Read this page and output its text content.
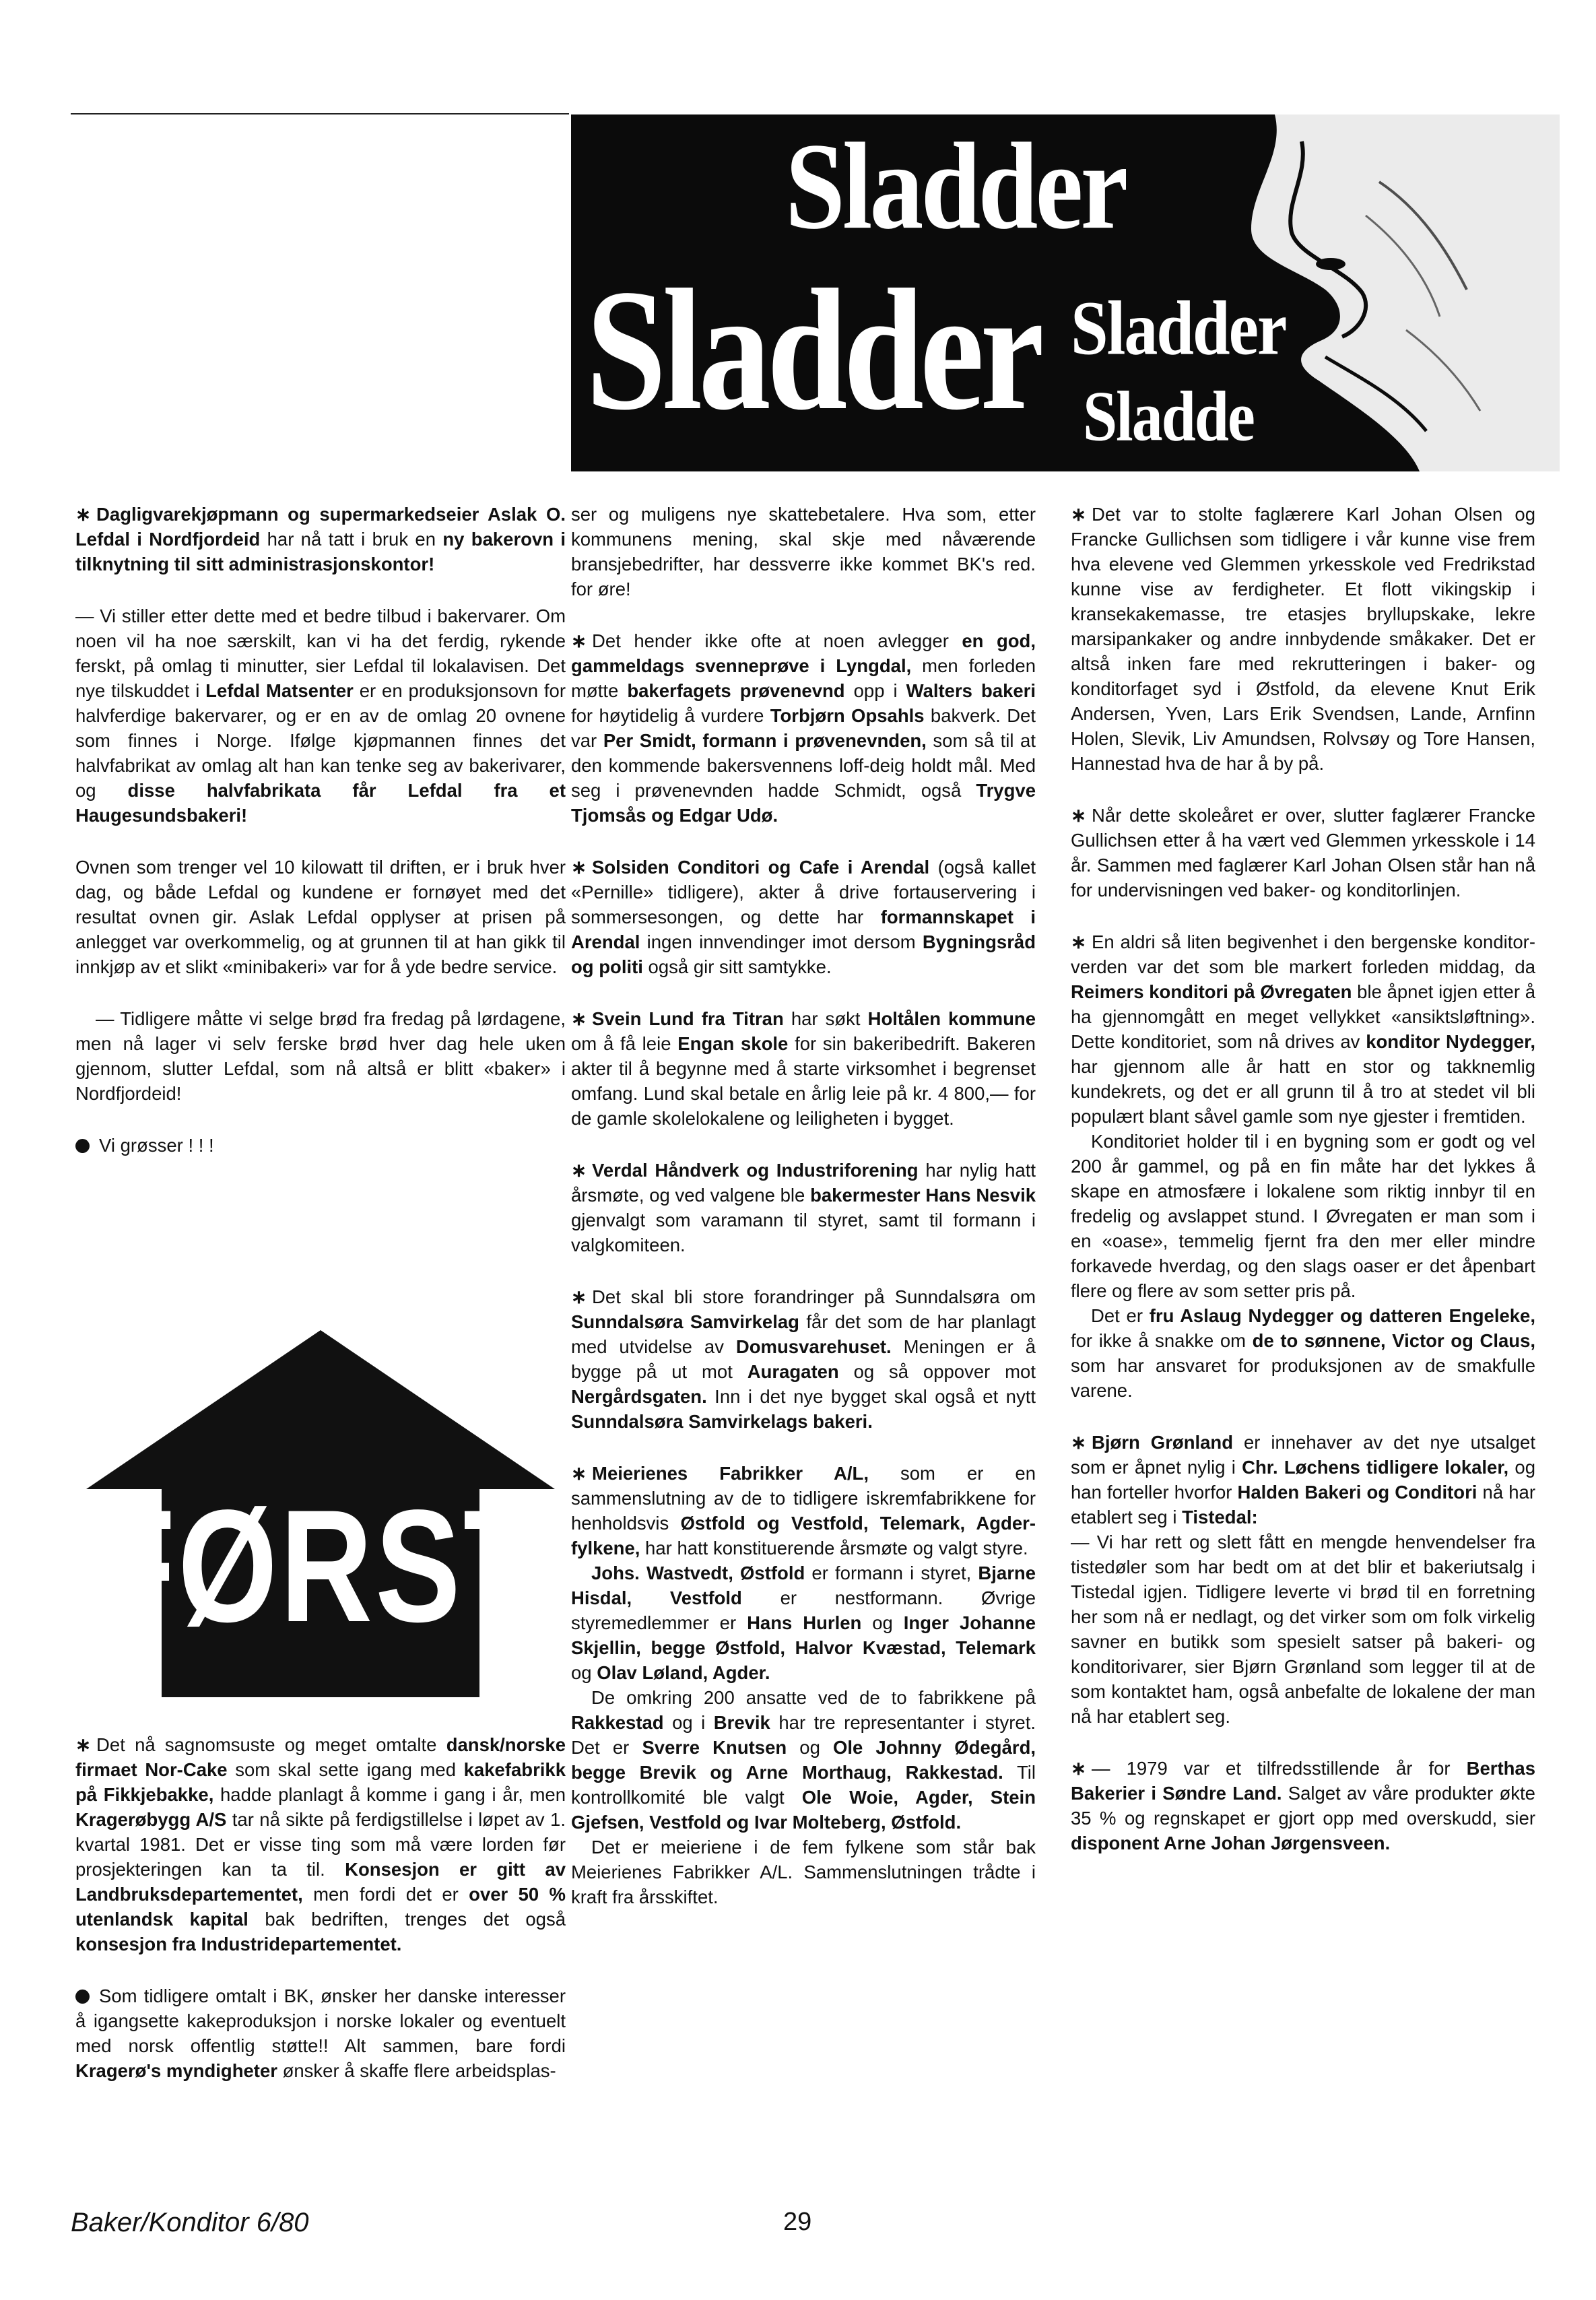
Sladder
Sladder Sladder
Sladde

∗ Dagligvarekjøpmann og supermarkedseier Aslak O. Lefdal i Nordfjordeid har nå tatt i bruk en ny bakerovn i tilknytning til sitt administrasjonskontor!

— Vi stiller etter dette med et bedre tilbud i bakervarer. Om noen vil ha noe særskilt, kan vi ha det ferdig, rykende ferskt, på omlag ti minutter, sier Lefdal til lokalavisen. Det nye tilskuddet i Lefdal Matsenter er en produksjonsovn for halvferdige bakervarer, og er en av de omlag 20 ovnene som finnes i Norge. Ifølge kjøpmannen finnes det halvfabrikat av omlag alt han kan tenke seg av bakerivarer, og disse halvfabrikata får Lefdal fra et Haugesundsbakeri!

Ovnen som trenger vel 10 kilowatt til driften, er i bruk hver dag, og både Lefdal og kundene er fornøyet med det resultat ovnen gir. Aslak Lefdal opplyser at prisen på anlegget var overkommelig, og at grunnen til at han gikk til innkjøp av et slikt «minibakeri» var for å yde bedre service.

— Tidligere måtte vi selge brød fra fredag på lørdagene, men nå lager vi selv ferske brød hver dag hele uken gjennom, slutter Lefdal, som nå altså er blitt «baker» i Nordfjordeid!

Vi grøsser ! ! !

FØRST

∗ Det nå sagnomsuste og meget omtalte dansk/norske firmaet Nor-Cake som skal sette igang med kakefabrikk på Fikkjebakke, hadde planlagt å komme i gang i år, men Kragerøbygg A/S tar nå sikte på ferdigstillelse i løpet av 1. kvartal 1981. Det er visse ting som må være lorden før prosjekteringen kan ta til. Konsesjon er gitt av Landbruksdepartementet, men fordi det er over 50 % utenlandsk kapital bak bedriften, trenges det også konsesjon fra Industridepartementet.

Som tidligere omtalt i BK, ønsker her danske interesser å igangsette kakeproduksjon i norske lokaler og eventuelt med norsk offentlig støtte!! Alt sammen, bare fordi Kragerø's myndigheter ønsker å skaffe flere arbeidsplas-

ser og muligens nye skattebetalere. Hva som, etter kommunens mening, skal skje med nåværende bransjebedrifter, har dessverre ikke kommet BK's red. for øre!

∗ Det hender ikke ofte at noen avlegger en god, gammeldags svenneprøve i Lyngdal, men forleden møtte bakerfagets prøvenevnd opp i Walters bakeri for høytidelig å vurdere Torbjørn Opsahls bakverk. Det var Per Smidt, formann i prøvenevnden, som så til at den kommende bakersvennens loff-deig holdt mål. Med seg i prøvenevnden hadde Schmidt, også Trygve Tjomsås og Edgar Udø.

∗ Solsiden Conditori og Cafe i Arendal (også kallet «Pernille» tidligere), akter å drive fortauservering i sommersesongen, og dette har formannskapet i Arendal ingen innvendinger imot dersom Bygningsråd og politi også gir sitt samtykke.

∗ Svein Lund fra Titran har søkt Holtålen kommune om å få leie Engan skole for sin bakeribedrift. Bakeren akter til å begynne med å starte virksomhet i begrenset omfang. Lund skal betale en årlig leie på kr. 4 800,— for de gamle skolelokalene og leiligheten i bygget.

∗ Verdal Håndverk og Industriforening har nylig hatt årsmøte, og ved valgene ble bakermester Hans Nesvik gjenvalgt som varamann til styret, samt til formann i valgkomiteen.

∗ Det skal bli store forandringer på Sunndalsøra om Sunndalsøra Samvirkelag får det som de har planlagt med utvidelse av Domusvarehuset. Meningen er å bygge på ut mot Auragaten og så oppover mot Nergårdsgaten. Inn i det nye bygget skal også et nytt Sunndalsøra Samvirkelags bakeri.

∗ Meierienes Fabrikker A/L, som er en sammenslutning av de to tidligere iskremfabrikkene for henholdsvis Østfold og Vestfold, Telemark, Agder-fylkene, har hatt konstituerende årsmøte og valgt styre.

Johs. Wastvedt, Østfold er formann i styret, Bjarne Hisdal, Vestfold er nestformann. Øvrige styremedlemmer er Hans Hurlen og Inger Johanne Skjellin, begge Østfold, Halvor Kvæstad, Telemark og Olav Løland, Agder.

De omkring 200 ansatte ved de to fabrikkene på Rakkestad og i Brevik har tre representanter i styret. Det er Sverre Knutsen og Ole Johnny Ødegård, begge Brevik og Arne Morthaug, Rakkestad. Til kontrollkomité ble valgt Ole Woie, Agder, Stein Gjefsen, Vestfold og Ivar Molteberg, Østfold.

Det er meieriene i de fem fylkene som står bak Meierienes Fabrikker A/L. Sammenslutningen trådte i kraft fra årsskiftet.

∗ Det var to stolte faglærere Karl Johan Olsen og Francke Gullichsen som tidligere i vår kunne vise frem hva elevene ved Glemmen yrkesskole ved Fredrikstad kunne vise av ferdigheter. Et flott vikingskip i kransekakemasse, tre etasjes bryllupskake, lekre marsipankaker og andre innbydende småkaker. Det er altså inken fare med rekrutteringen i baker- og konditorfaget syd i Østfold, da elevene Knut Erik Andersen, Yven, Lars Erik Svendsen, Lande, Arnfinn Holen, Slevik, Liv Amundsen, Rolvsøy og Tore Hansen, Hannestad hva de har å by på.

∗ Når dette skoleåret er over, slutter faglærer Francke Gullichsen etter å ha vært ved Glemmen yrkesskole i 14 år. Sammen med faglærer Karl Johan Olsen står han nå for undervisningen ved baker- og konditorlinjen.

∗ En aldri så liten begivenhet i den bergenske konditor-verden var det som ble markert forleden middag, da Reimers konditori på Øvregaten ble åpnet igjen etter å ha gjennomgått en meget vellykket «ansiktsløftning». Dette konditoriet, som nå drives av konditor Nydegger, har gjennom alle år hatt en stor og takknemlig kundekrets, og det er all grunn til å tro at stedet vil bli populært blant såvel gamle som nye gjester i fremtiden.

Konditoriet holder til i en bygning som er godt og vel 200 år gammel, og på en fin måte har det lykkes å skape en atmosfære i lokalene som riktig innbyr til en fredelig og avslappet stund. I Øvregaten er man som i en «oase», temmelig fjernt fra den mer eller mindre forkavede hverdag, og den slags oaser er det åpenbart flere og flere av som setter pris på.

Det er fru Aslaug Nydegger og datteren Engeleke, for ikke å snakke om de to sønnene, Victor og Claus, som har ansvaret for produksjonen av de smakfulle varene.

∗ Bjørn Grønland er innehaver av det nye utsalget som er åpnet nylig i Chr. Løchens tidligere lokaler, og han forteller hvorfor Halden Bakeri og Conditori nå har etablert seg i Tistedal:

— Vi har rett og slett fått en mengde henvendelser fra tistedøler som har bedt om at det blir et bakeriutsalg i Tistedal igjen. Tidligere leverte vi brød til en forretning her som nå er nedlagt, og det virker som om folk virkelig savner en butikk som spesielt satser på bakeri- og konditorivarer, sier Bjørn Grønland som legger til at de som kontaktet ham, også anbefalte de lokalene der man nå har etablert seg.

∗ — 1979 var et tilfredsstillende år for Berthas Bakerier i Søndre Land. Salget av våre produkter økte 35 % og regnskapet er gjort opp med overskudd, sier disponent Arne Johan Jørgensveen.

Baker/Konditor 6/80	29
